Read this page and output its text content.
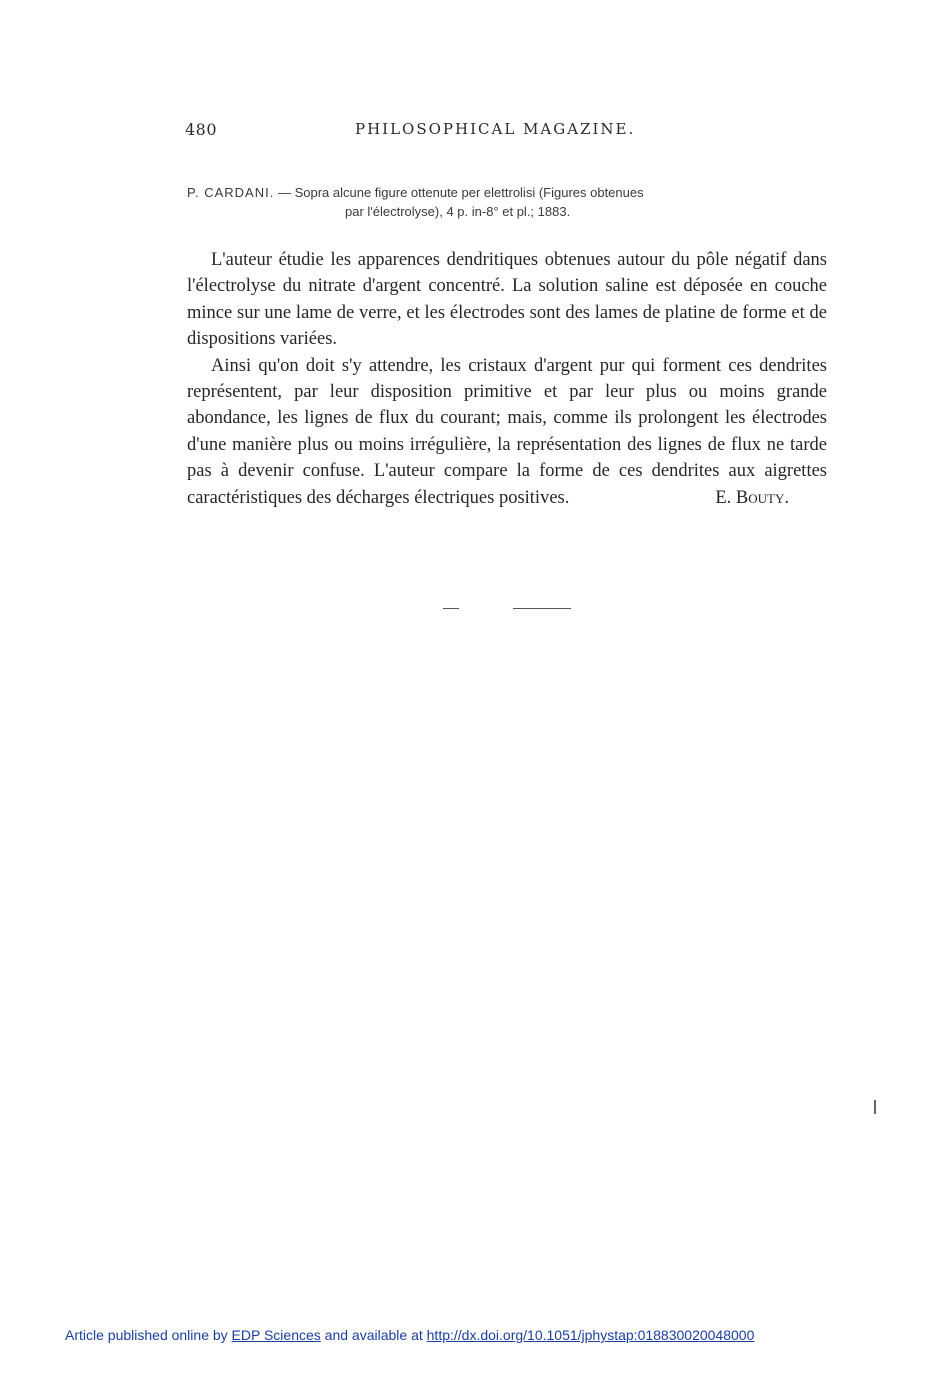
480	PHILOSOPHICAL MAGAZINE.
P. CARDANI. — Sopra alcune figure ottenute per elettrolisi (Figures obtenues
par l'électrolyse), 4 p. in-8° et pl.; 1883.

L'auteur étudie les apparences dendritiques obtenues autour du pôle négatif dans l'électrolyse du nitrate d'argent concentré. La solution saline est déposée en couche mince sur une lame de verre, et les électrodes sont des lames de platine de forme et de dispositions variées.

Ainsi qu'on doit s'y attendre, les cristaux d'argent pur qui forment ces dendrites représentent, par leur disposition primitive et par leur plus ou moins grande abondance, les lignes de flux du courant; mais, comme ils prolongent les électrodes d'une manière plus ou moins irrégulière, la représentation des lignes de flux ne tarde pas à devenir confuse. L'auteur compare la forme de ces dendrites aux aigrettes caractéristiques des décharges électriques positives.	E. Bouty.

Article published online by EDP Sciences and available at http://dx.doi.org/10.1051/jphystap:018830020048000
